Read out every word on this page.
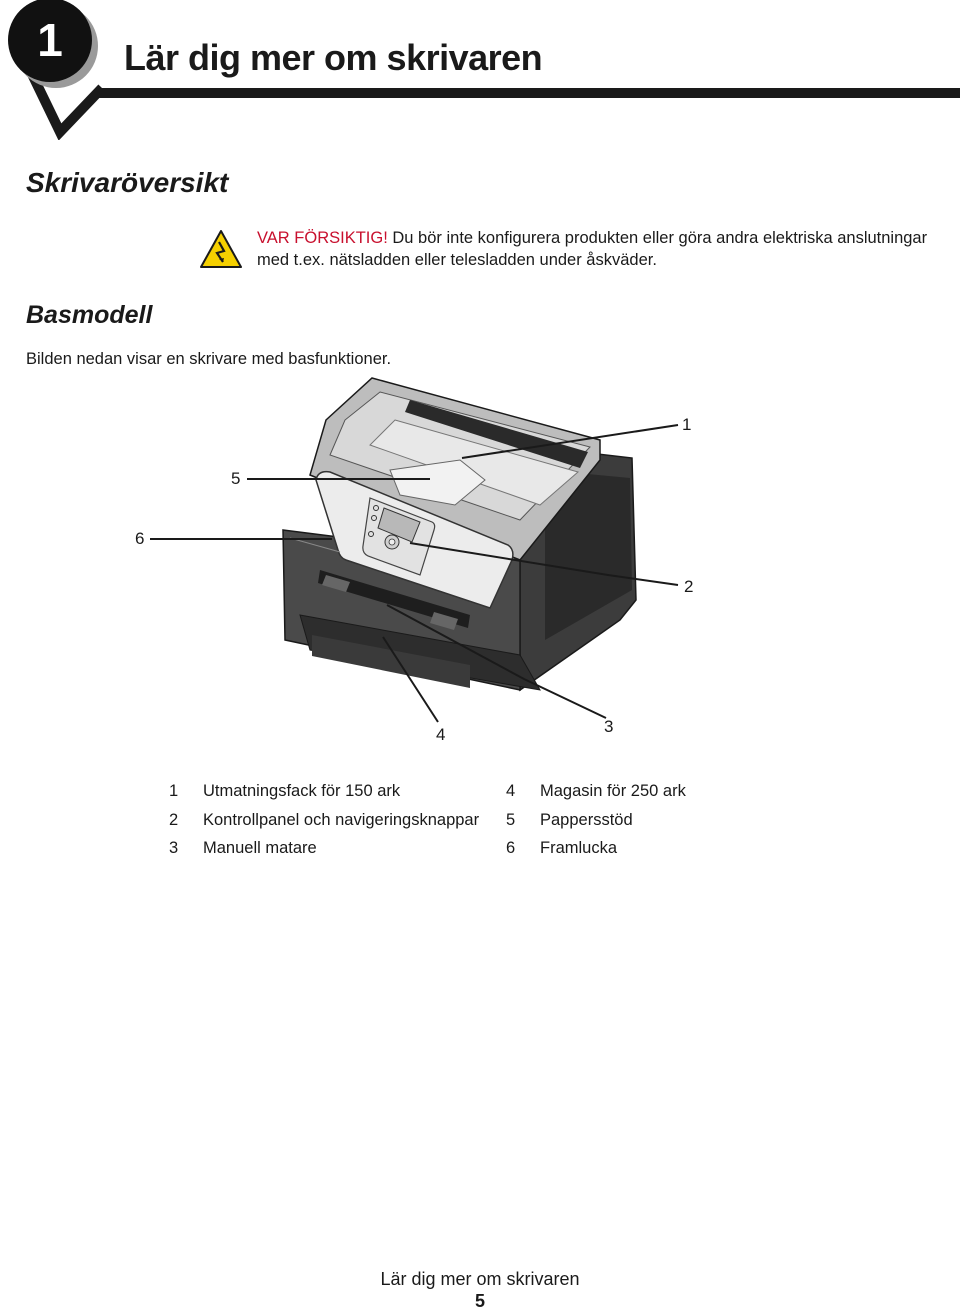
1	Lär dig mer om skrivaren
Skrivaröversikt
VAR FÖRSIKTIG! Du bör inte konfigurera produkten eller göra andra elektriska anslutningar med t.ex. nätsladden eller telesladden under åskväder.
Basmodell
Bilden nedan visar en skrivare med basfunktioner.
1
2
3
4
5
6
1	Utmatningsfack för 150 ark
2	Kontrollpanel och navigeringsknappar
3	Manuell matare
4	Magasin för 250 ark
5	Pappersstöd
6	Framlucka
Lär dig mer om skrivaren
5
